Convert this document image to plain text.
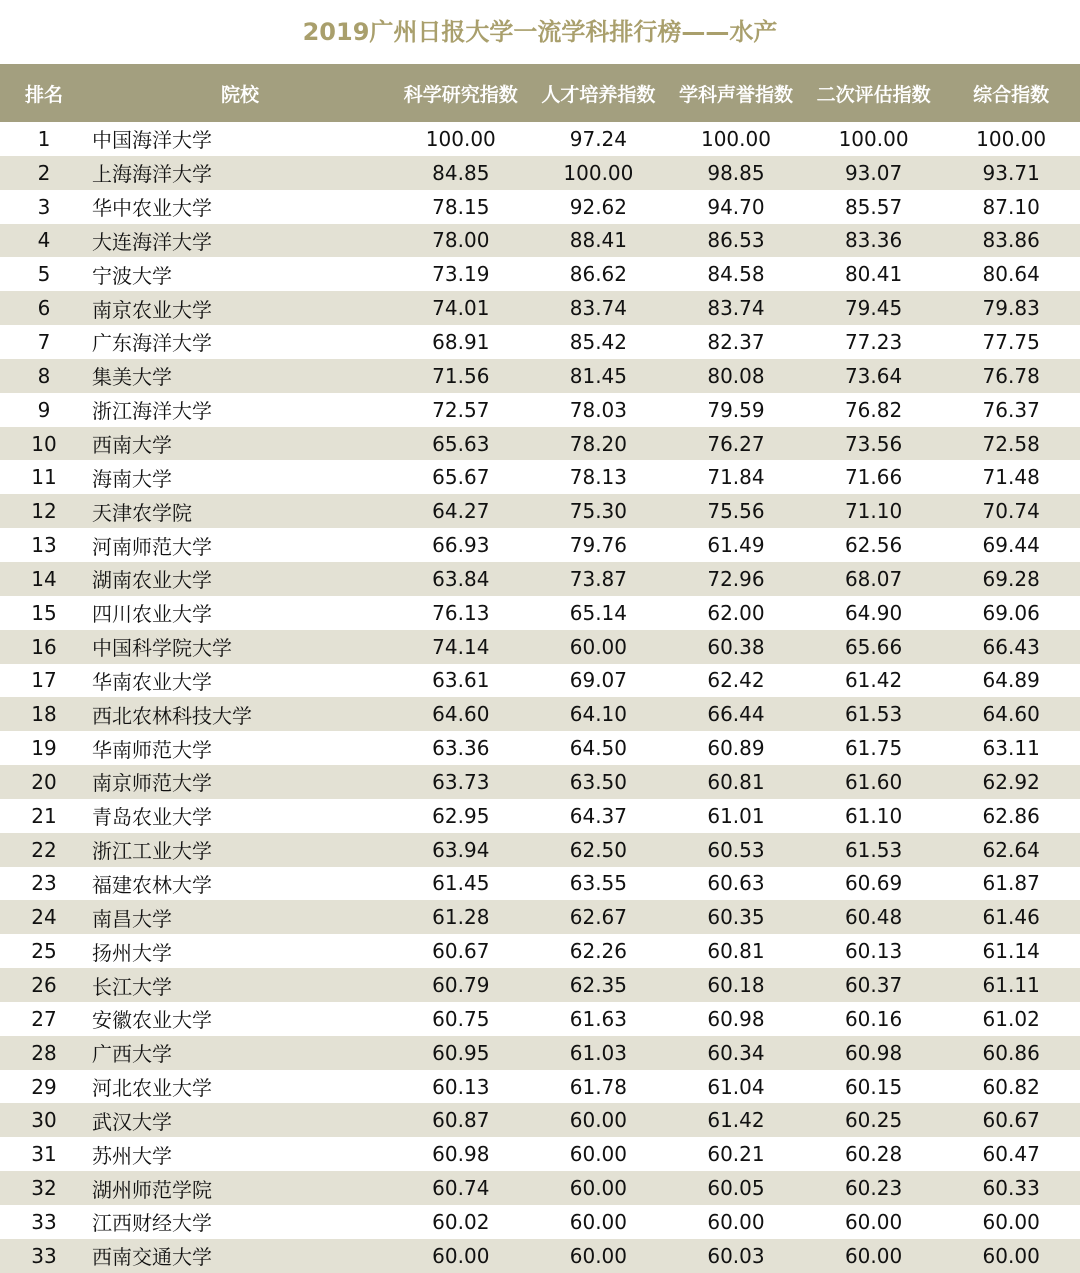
2019广州日报大学一流学科排行榜——水产
排名	院校	科学研究指数	人才培养指数	学科声誉指数	二次评估指数	综合指数
1	中国海洋大学	100.00	97.24	100.00	100.00	100.00
2	上海海洋大学	84.85	100.00	98.85	93.07	93.71
3	华中农业大学	78.15	92.62	94.70	85.57	87.10
4	大连海洋大学	78.00	88.41	86.53	83.36	83.86
5	宁波大学	73.19	86.62	84.58	80.41	80.64
6	南京农业大学	74.01	83.74	83.74	79.45	79.83
7	广东海洋大学	68.91	85.42	82.37	77.23	77.75
8	集美大学	71.56	81.45	80.08	73.64	76.78
9	浙江海洋大学	72.57	78.03	79.59	76.82	76.37
10	西南大学	65.63	78.20	76.27	73.56	72.58
11	海南大学	65.67	78.13	71.84	71.66	71.48
12	天津农学院	64.27	75.30	75.56	71.10	70.74
13	河南师范大学	66.93	79.76	61.49	62.56	69.44
14	湖南农业大学	63.84	73.87	72.96	68.07	69.28
15	四川农业大学	76.13	65.14	62.00	64.90	69.06
16	中国科学院大学	74.14	60.00	60.38	65.66	66.43
17	华南农业大学	63.61	69.07	62.42	61.42	64.89
18	西北农林科技大学	64.60	64.10	66.44	61.53	64.60
19	华南师范大学	63.36	64.50	60.89	61.75	63.11
20	南京师范大学	63.73	63.50	60.81	61.60	62.92
21	青岛农业大学	62.95	64.37	61.01	61.10	62.86
22	浙江工业大学	63.94	62.50	60.53	61.53	62.64
23	福建农林大学	61.45	63.55	60.63	60.69	61.87
24	南昌大学	61.28	62.67	60.35	60.48	61.46
25	扬州大学	60.67	62.26	60.81	60.13	61.14
26	长江大学	60.79	62.35	60.18	60.37	61.11
27	安徽农业大学	60.75	61.63	60.98	60.16	61.02
28	广西大学	60.95	61.03	60.34	60.98	60.86
29	河北农业大学	60.13	61.78	61.04	60.15	60.82
30	武汉大学	60.87	60.00	61.42	60.25	60.67
31	苏州大学	60.98	60.00	60.21	60.28	60.47
32	湖州师范学院	60.74	60.00	60.05	60.23	60.33
33	江西财经大学	60.02	60.00	60.00	60.00	60.00
33	西南交通大学	60.00	60.00	60.03	60.00	60.00
